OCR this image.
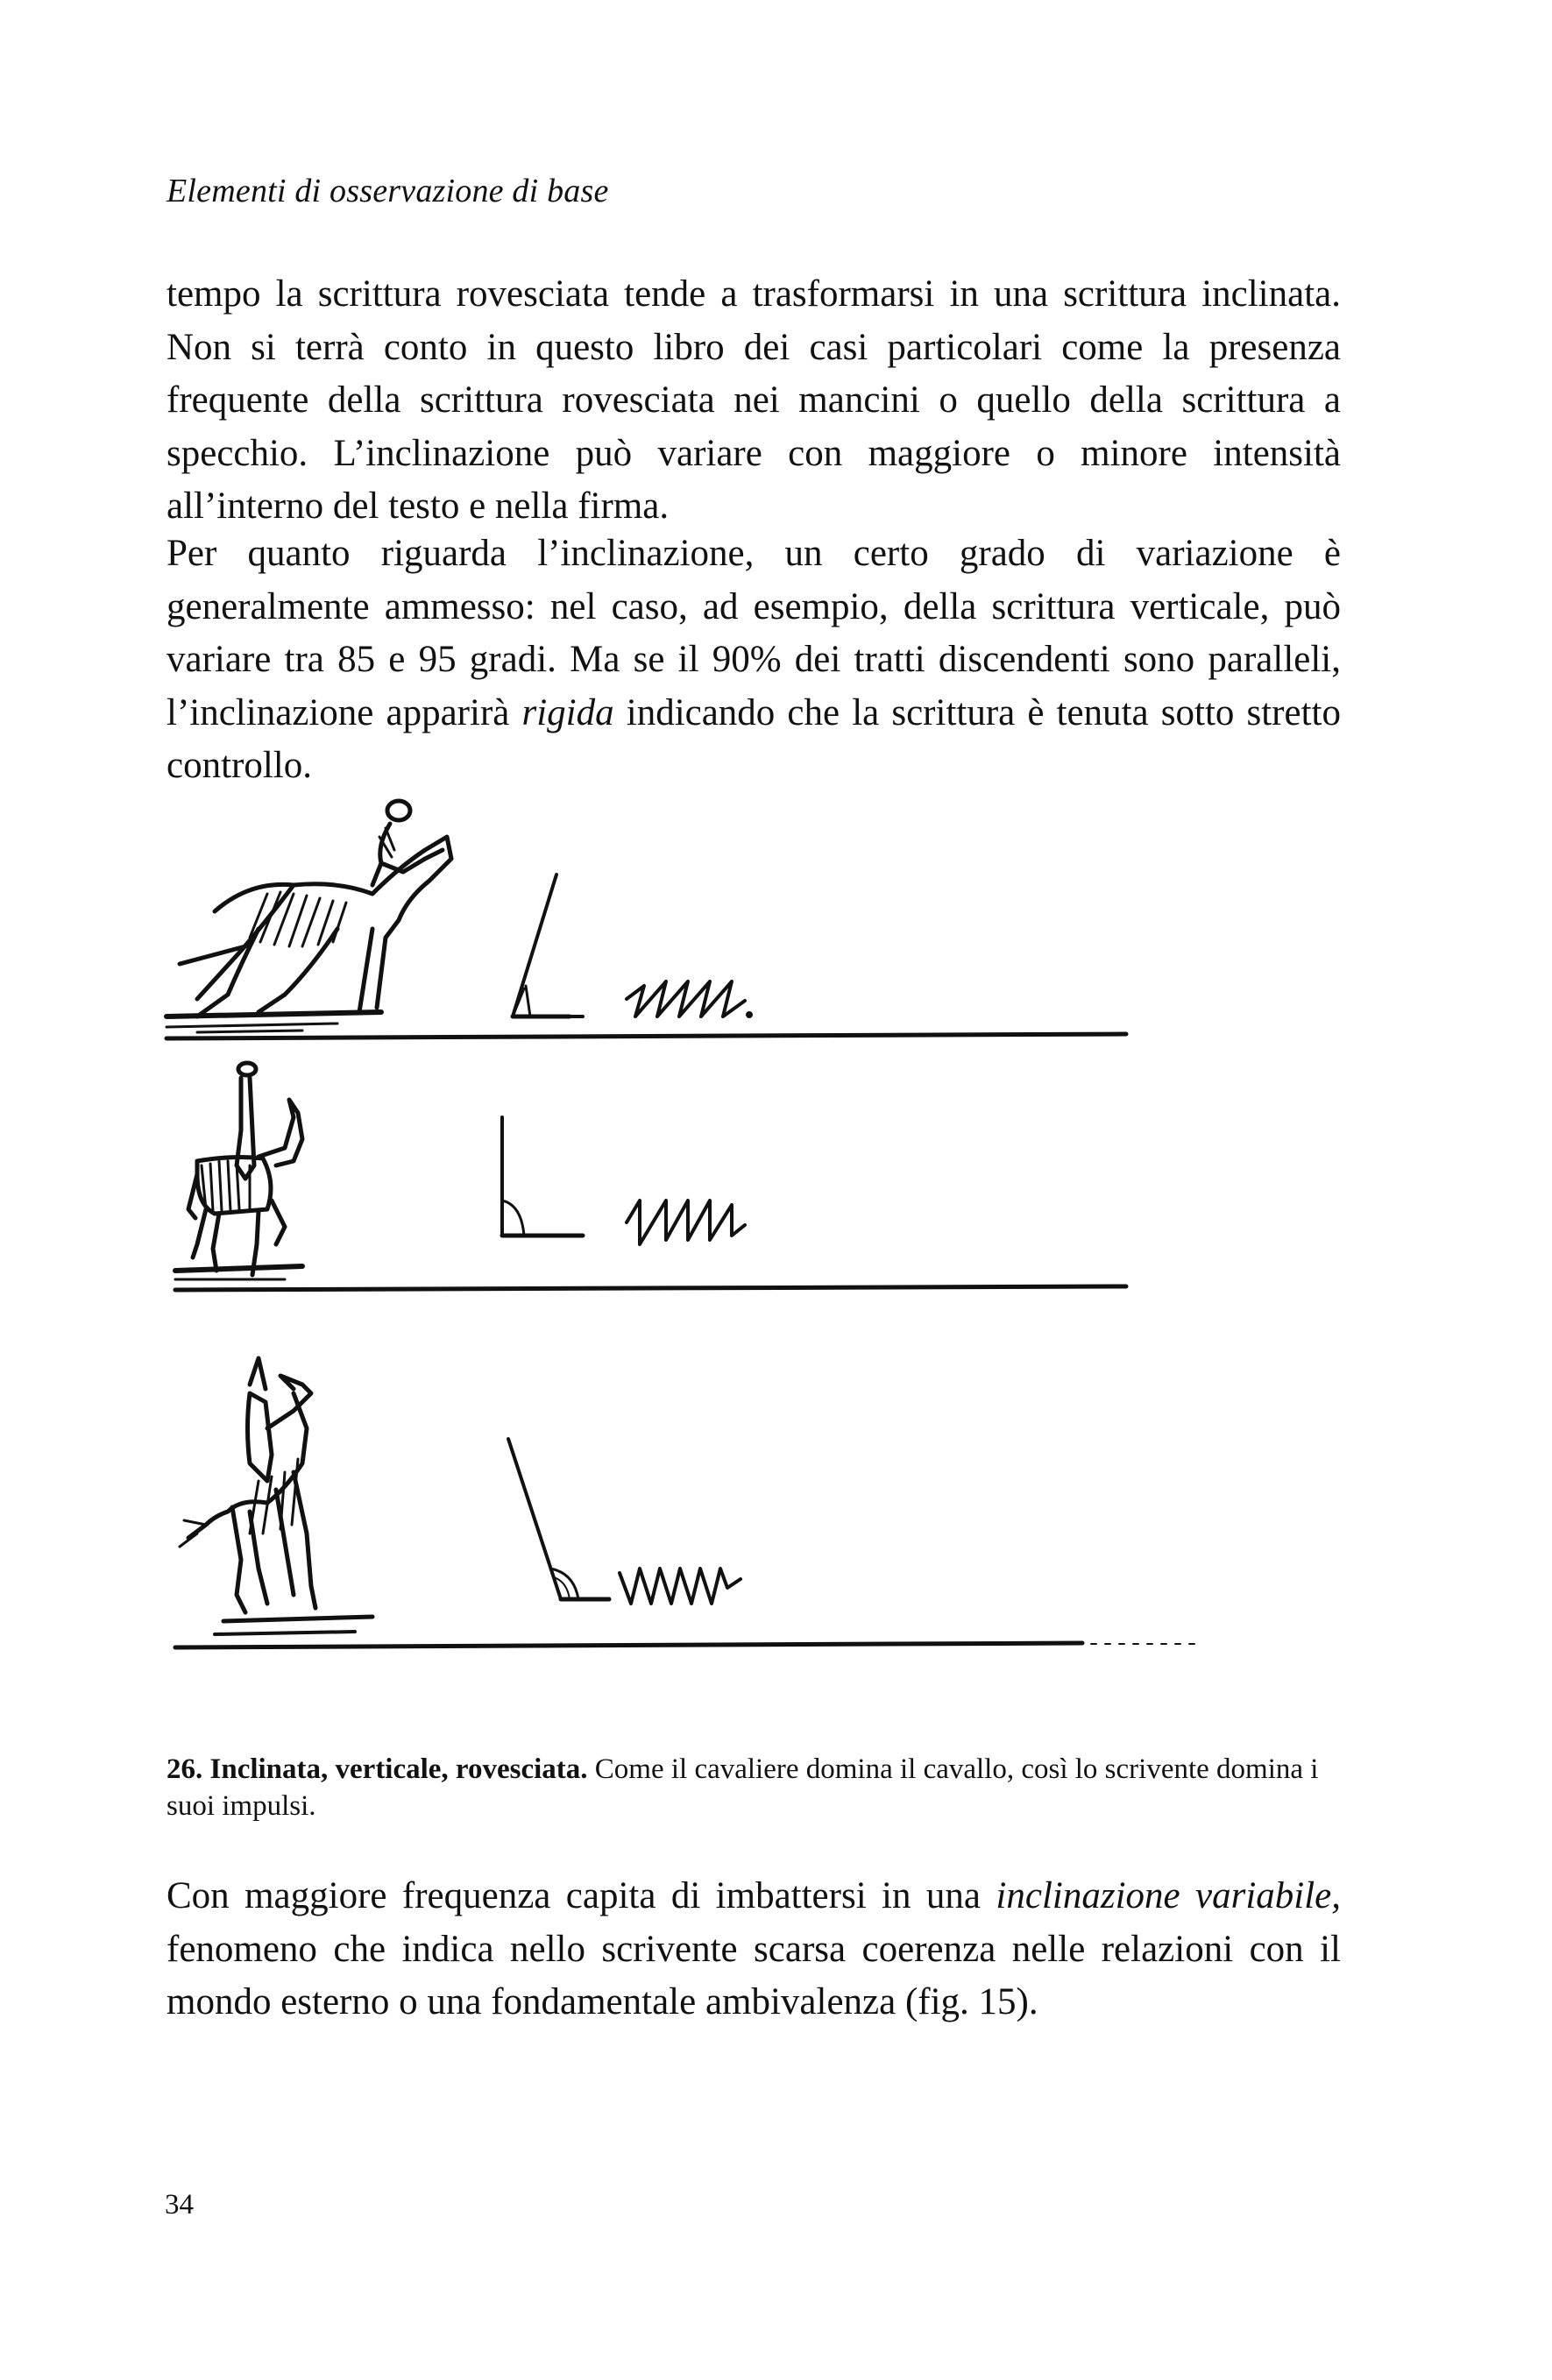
Elementi di osservazione di base

tempo la scrittura rovesciata tende a trasformarsi in una scrittura inclinata. Non si terrà conto in questo libro dei casi particolari come la presenza frequente della scrittura rovesciata nei mancini o quello della scrittura a specchio. L’inclinazione può variare con maggiore o minore intensità all’interno del testo e nella firma.

Per quanto riguarda l’inclinazione, un certo grado di variazione è generalmente ammesso: nel caso, ad esempio, della scrittura verticale, può variare tra 85 e 95 gradi. Ma se il 90% dei tratti discendenti sono paralleli, l’inclinazione apparirà rigida indicando che la scrittura è tenuta sotto stretto controllo.

26. Inclinata, verticale, rovesciata. Come il cavaliere domina il cavallo, così lo scrivente domina i suoi impulsi.

Con maggiore frequenza capita di imbattersi in una inclinazione variabile, fenomeno che indica nello scrivente scarsa coerenza nelle relazioni con il mondo esterno o una fondamentale ambivalenza (fig. 15).

34
